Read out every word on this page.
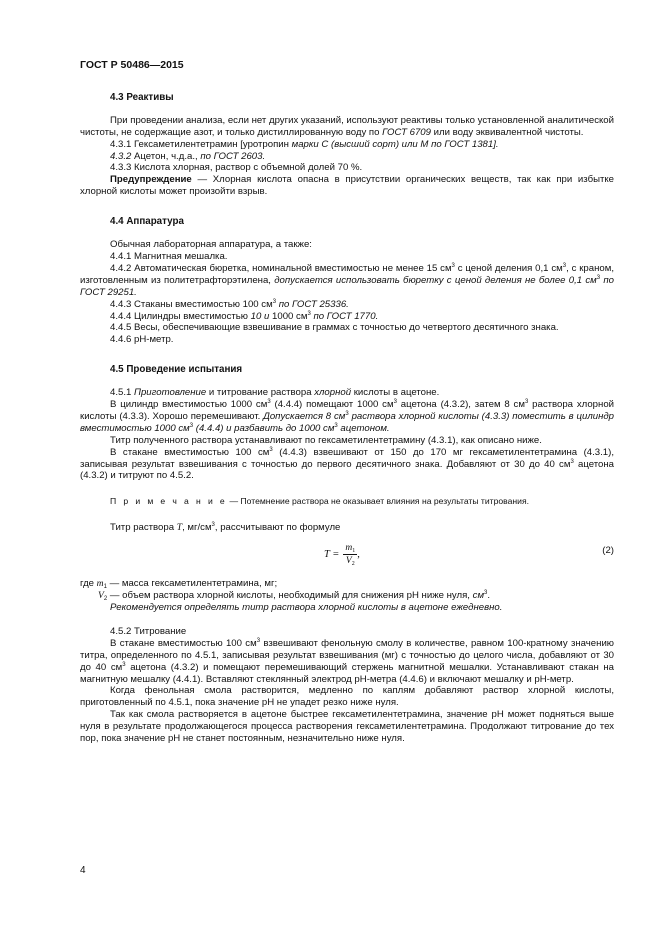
ГОСТ Р 50486—2015
4.3 Реактивы

При проведении анализа, если нет других указаний, используют реактивы только установленной аналитической чистоты, не содержащие азот, и только дистиллированную воду по ГОСТ 6709 или воду эквивалентной чистоты.

4.3.1 Гексаметилентетрамин [уротропин марки С (высший сорт) или М по ГОСТ 1381].

4.3.2 Ацетон, ч.д.а., по ГОСТ 2603.

4.3.3 Кислота хлорная, раствор с объемной долей 70 %.

Предупреждение — Хлорная кислота опасна в присутствии органических веществ, так как при избытке хлорной кислоты может произойти взрыв.

4.4 Аппаратура

Обычная лабораторная аппаратура, а также:

4.4.1 Магнитная мешалка.

4.4.2 Автоматическая бюретка, номинальной вместимостью не менее 15 $см^3$ с ценой деления 0,1 $см^3$, с краном, изготовленным из политетрафторэтилена, допускается использовать бюретку с ценой деления не более 0,1 $см^3$ по ГОСТ 29251.

4.4.3 Стаканы вместимостью 100 $см^3$ по ГОСТ 25336.

4.4.4 Цилиндры вместимостью 10 и 1000 $см^3$ по ГОСТ 1770.

4.4.5 Весы, обеспечивающие взвешивание в граммах с точностью до четвертого десятичного знака.

4.4.6 pH-метр.

4.5 Проведение испытания

4.5.1 Приготовление и титрование раствора хлорной кислоты в ацетоне.

В цилиндр вместимостью 1000 $см^3$ (4.4.4) помещают 1000 $см^3$ ацетона (4.3.2), затем 8 $см^3$ раствора хлорной кислоты (4.3.3). Хорошо перемешивают. Допускается 8 $см^3$ раствора хлорной кислоты (4.3.3) поместить в цилиндр вместимостью 1000 $см^3$ (4.4.4) и разбавить до 1000 $см^3$ ацетоном.

Титр полученного раствора устанавливают по гексаметилентетрамину (4.3.1), как описано ниже.

В стакане вместимостью 100 $см^3$ (4.4.3) взвешивают от 150 до 170 мг гексаметилентетрамина (4.3.1), записывая результат взвешивания с точностью до первого десятичного знака. Добавляют от 30 до 40 $см^3$ ацетона (4.3.2) и титруют по 4.5.2.

П р и м е ч а н и е — Потемнение раствора не оказывает влияния на результаты титрования.

Титр раствора T, $мг/см^3$, рассчитывают по формуле

$T = \frac{m_1}{V_2}$ ,	(2)

где $m_1$ — масса гексаметилентетрамина, мг;

$V_2$ — объем раствора хлорной кислоты, необходимый для снижения pH ниже нуля, $см^3$.

Рекомендуется определять титр раствора хлорной кислоты в ацетоне ежедневно.

4.5.2 Титрование

В стакане вместимостью 100 $см^3$ взвешивают фенольную смолу в количестве, равном 100-кратному значению титра, определенного по 4.5.1, записывая результат взвешивания (мг) с точностью до целого числа, добавляют от 30 до 40 $см^3$ ацетона (4.3.2) и помещают перемешивающий стержень магнитной мешалки. Устанавливают стакан на магнитную мешалку (4.4.1). Вставляют стеклянный электрод pH-метра (4.4.6) и включают мешалку и pH-метр.

Когда фенольная смола растворится, медленно по каплям добавляют раствор хлорной кислоты, приготовленный по 4.5.1, пока значение pH не упадет резко ниже нуля.

Так как смола растворяется в ацетоне быстрее гексаметилентетрамина, значение pH может подняться выше нуля в результате продолжающегося процесса растворения гексаметилентетрамина. Продолжают титрование до тех пор, пока значение pH не станет постоянным, незначительно ниже нуля.

4
